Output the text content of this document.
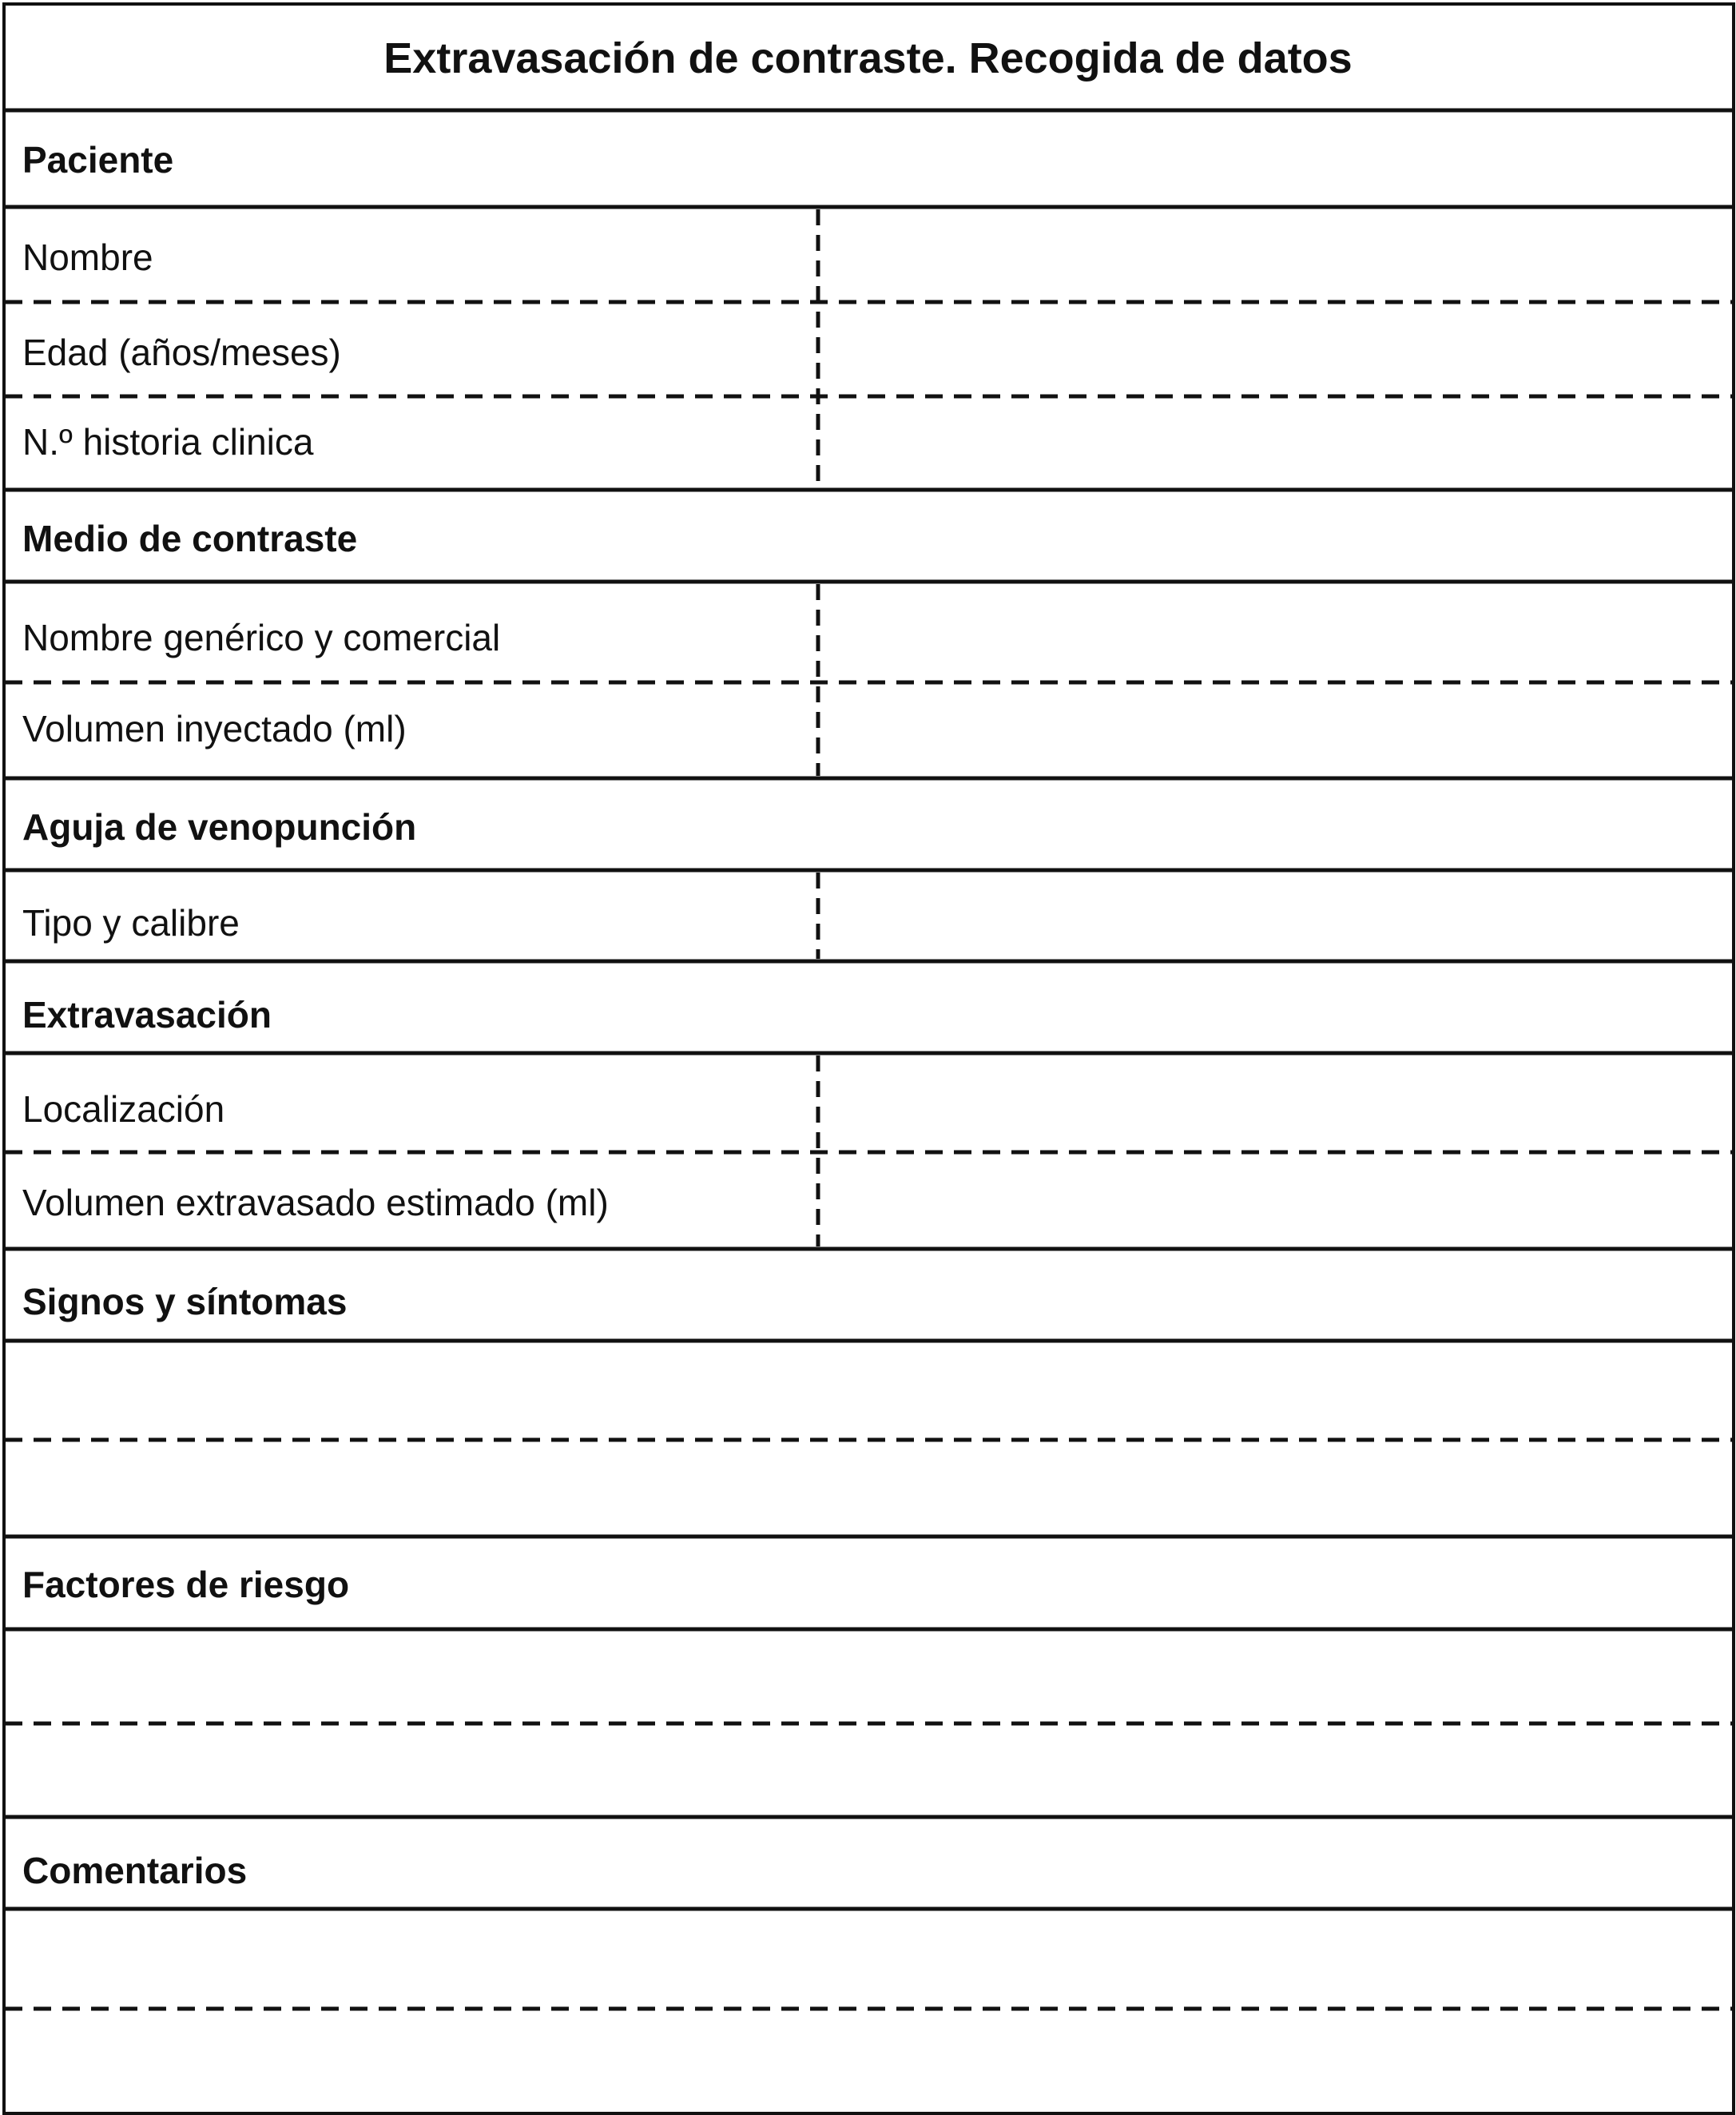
Extravasación de contraste. Recogida de datos
Paciente
Nombre
Edad (años/meses)
N.º historia clinica
Medio de contraste
Nombre genérico y comercial
Volumen inyectado (ml)
Aguja de venopunción
Tipo y calibre
Extravasación
Localización
Volumen extravasado estimado (ml)
Signos y síntomas
Factores de riesgo
Comentarios
